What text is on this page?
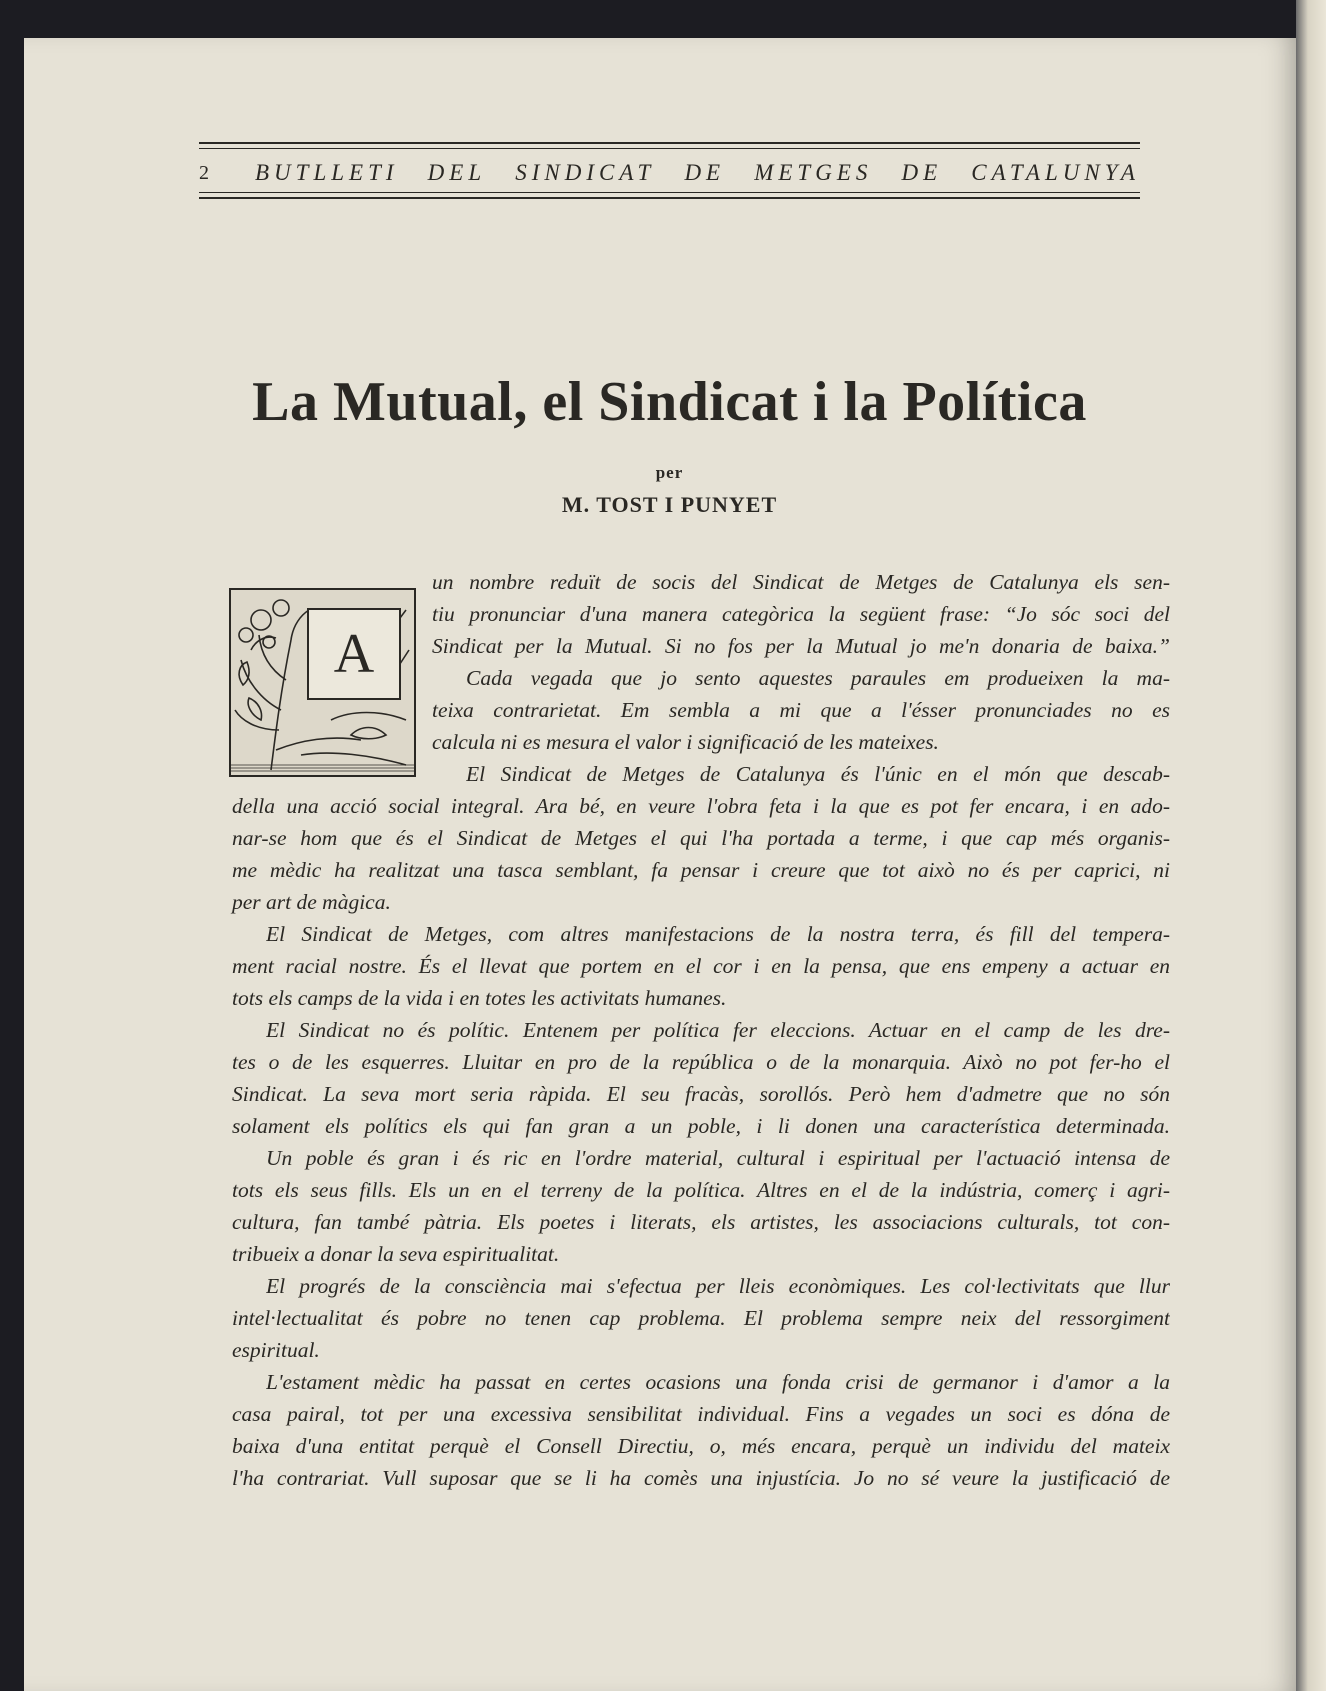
2	BUTLLETI DEL SINDICAT DE METGES DE CATALUNYA
La Mutual, el Sindicat i la Política
per
M. TOST I PUNYET
A
un nombre reduït de socis del Sindicat de Metges de Catalunya els sen-
tiu pronunciar d'una manera categòrica la següent frase: “Jo sóc soci del
Sindicat per la Mutual. Si no fos per la Mutual jo me'n donaria de baixa.”
Cada vegada que jo sento aquestes paraules em produeixen la ma-
teixa contrarietat. Em sembla a mi que a l'ésser pronunciades no es
calcula ni es mesura el valor i significació de les mateixes.
El Sindicat de Metges de Catalunya és l'únic en el món que descab-
della una acció social integral. Ara bé, en veure l'obra feta i la que es pot fer encara, i en ado-
nar-se hom que és el Sindicat de Metges el qui l'ha portada a terme, i que cap més organis-
me mèdic ha realitzat una tasca semblant, fa pensar i creure que tot això no és per caprici, ni
per art de màgica.
El Sindicat de Metges, com altres manifestacions de la nostra terra, és fill del tempera-
ment racial nostre. És el llevat que portem en el cor i en la pensa, que ens empeny a actuar en
tots els camps de la vida i en totes les activitats humanes.
El Sindicat no és polític. Entenem per política fer eleccions. Actuar en el camp de les dre-
tes o de les esquerres. Lluitar en pro de la república o de la monarquia. Això no pot fer-ho el
Sindicat. La seva mort seria ràpida. El seu fracàs, sorollós. Però hem d'admetre que no són
solament els polítics els qui fan gran a un poble, i li donen una característica determinada.
Un poble és gran i és ric en l'ordre material, cultural i espiritual per l'actuació intensa de
tots els seus fills. Els un en el terreny de la política. Altres en el de la indústria, comerç i agri-
cultura, fan també pàtria. Els poetes i literats, els artistes, les associacions culturals, tot con-
tribueix a donar la seva espiritualitat.
El progrés de la consciència mai s'efectua per lleis econòmiques. Les col·lectivitats que llur
intel·lectualitat és pobre no tenen cap problema. El problema sempre neix del ressorgiment
espiritual.
L'estament mèdic ha passat en certes ocasions una fonda crisi de germanor i d'amor a la
casa pairal, tot per una excessiva sensibilitat individual. Fins a vegades un soci es dóna de
baixa d'una entitat perquè el Consell Directiu, o, més encara, perquè un individu del mateix
l'ha contrariat. Vull suposar que se li ha comès una injustícia. Jo no sé veure la justificació de
